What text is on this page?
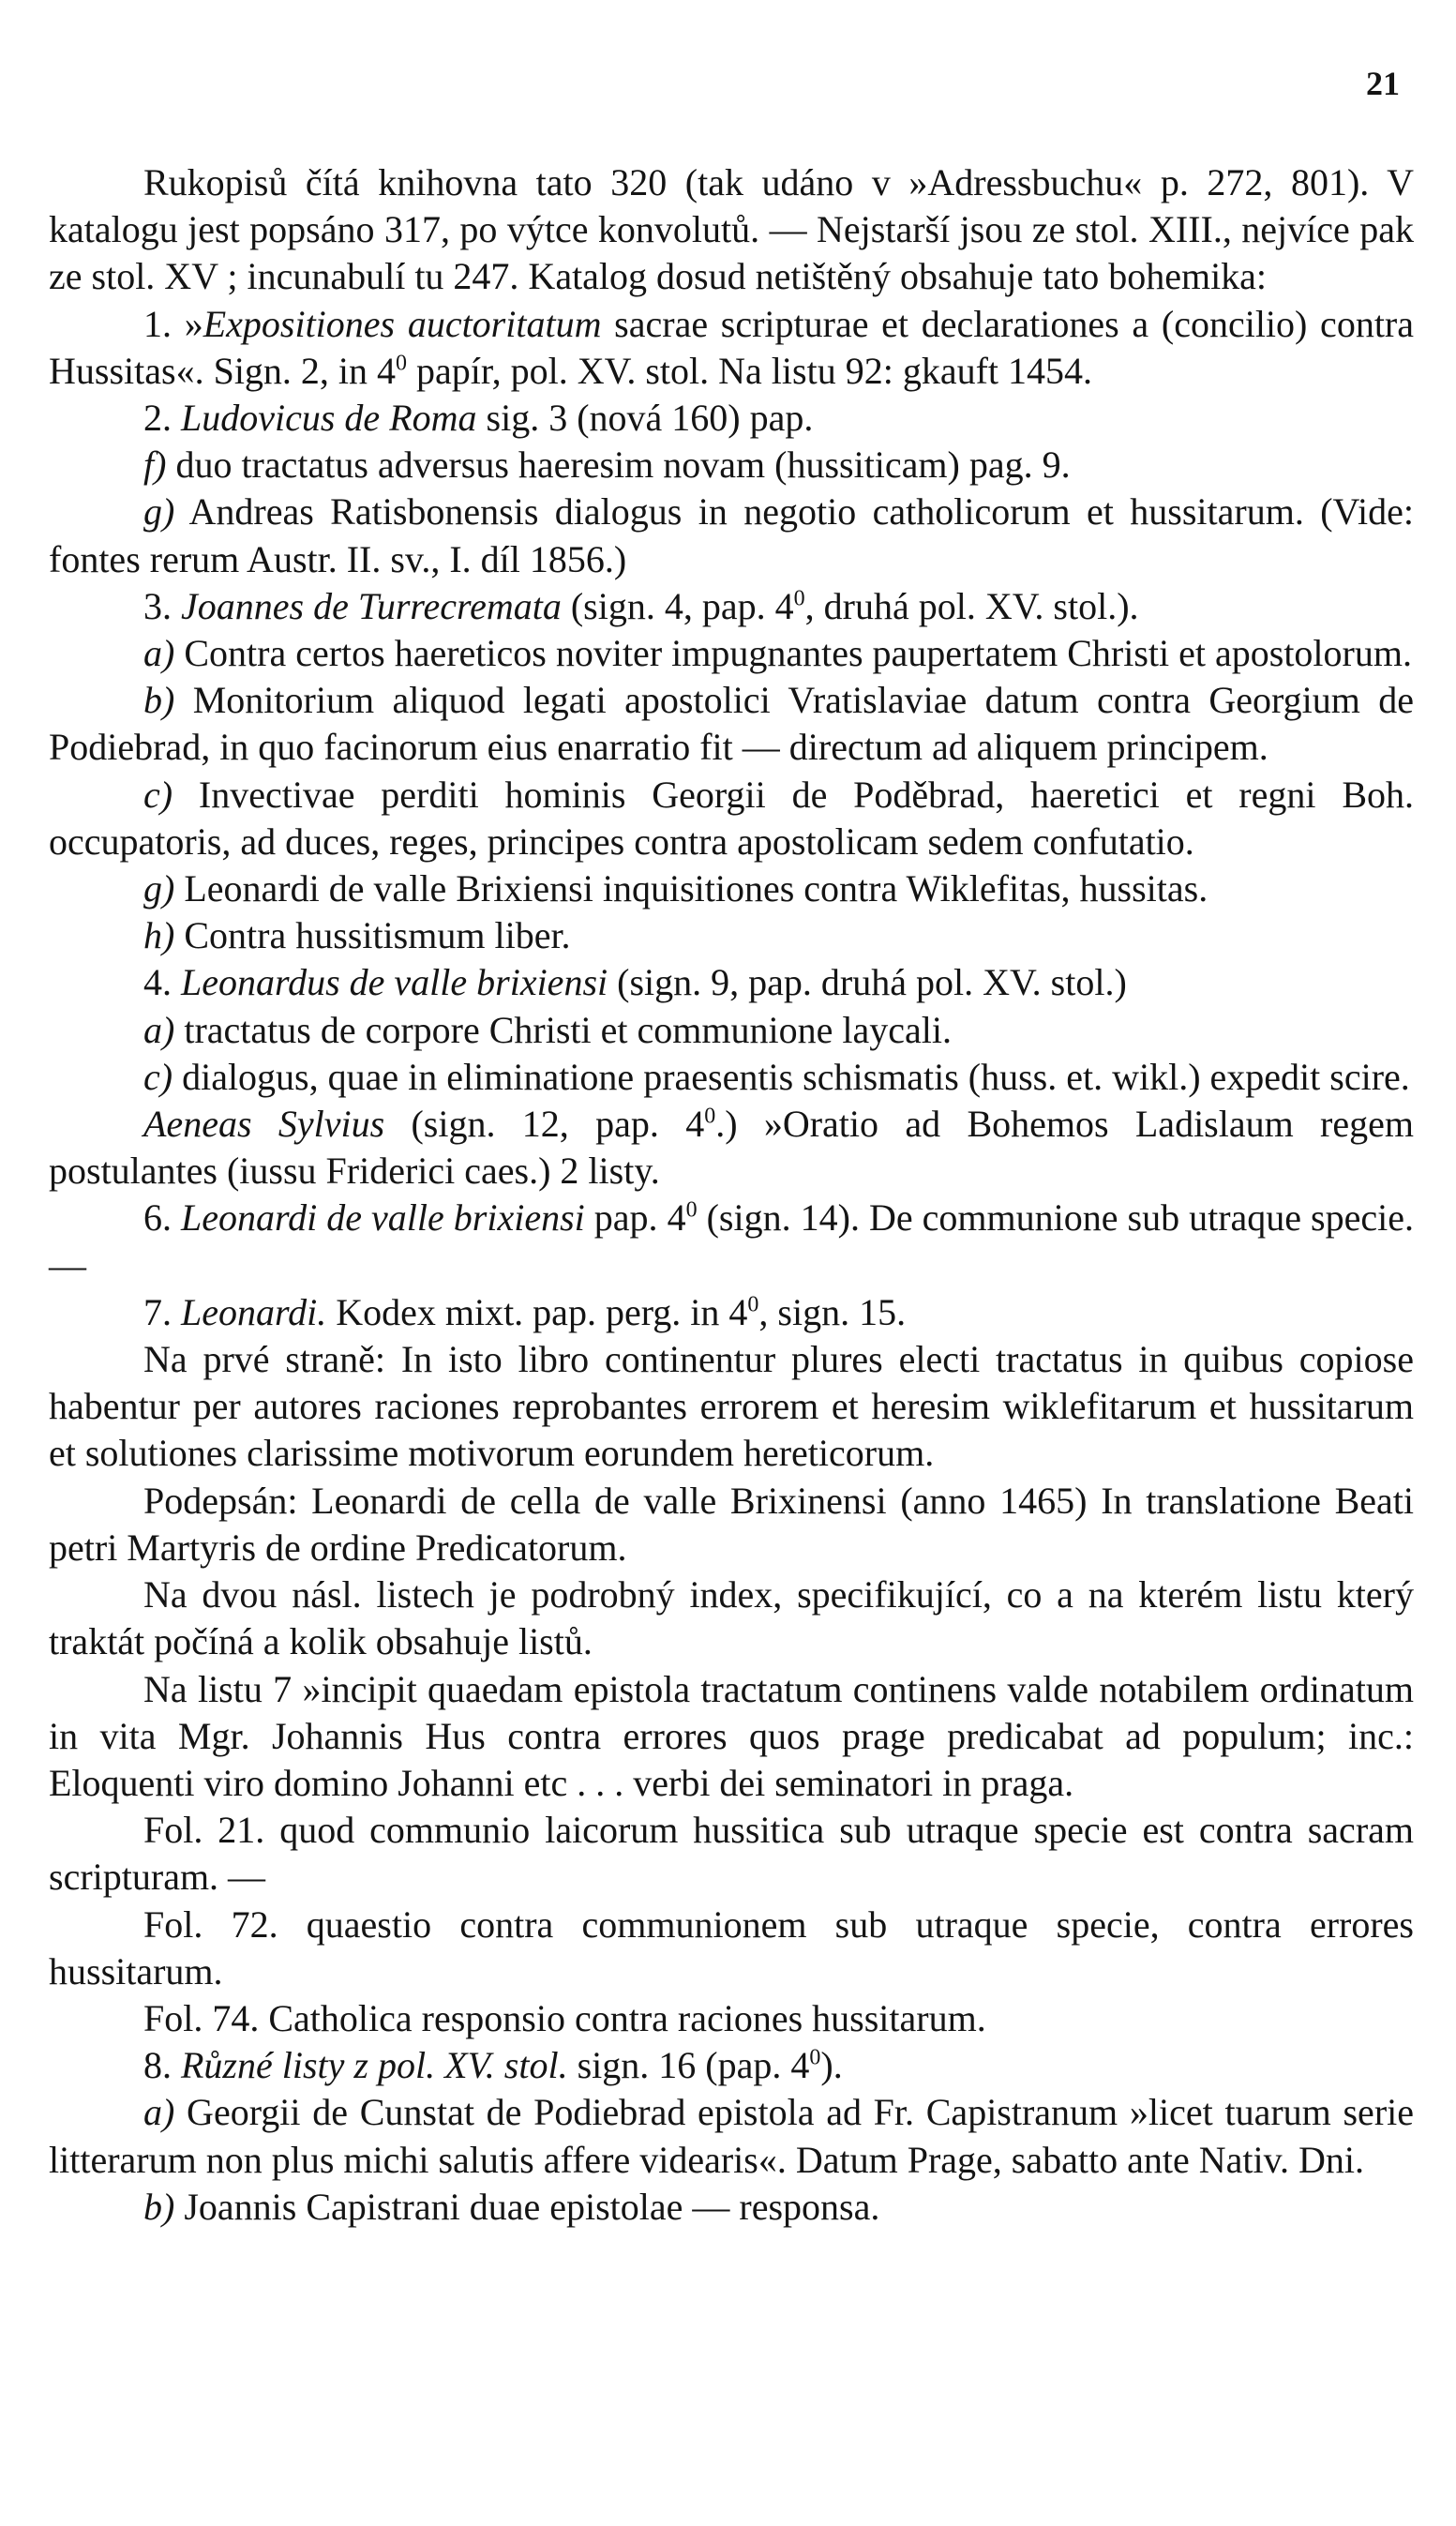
21

Rukopisů čítá knihovna tato 320 (tak udáno v »Adressbuchu« p. 272, 801). V katalogu jest popsáno 317, po výtce konvolutů. — Nejstarší jsou ze stol. XIII., nejvíce pak ze stol. XV ; incunabulí tu 247. Katalog dosud netištěný obsahuje tato bohemika:

1. »Expositiones auctoritatum sacrae scripturae et declarationes a (concilio) contra Hussitas«. Sign. 2, in $4^0$ papír, pol. XV. stol. Na listu 92: gkauft 1454.

2. Ludovicus de Roma sig. 3 (nová 160) pap.

f) duo tractatus adversus haeresim novam (hussiticam) pag. 9.

g) Andreas Ratisbonensis dialogus in negotio catholicorum et hussitarum. (Vide: fontes rerum Austr. II. sv., I. díl 1856.)

3. Joannes de Turrecremata (sign. 4, pap. $4^0$, druhá pol. XV. stol.).

a) Contra certos haereticos noviter impugnantes paupertatem Christi et apostolorum.

b) Monitorium aliquod legati apostolici Vratislaviae datum contra Georgium de Podiebrad, in quo facinorum eius enarratio fit — directum ad aliquem principem.

c) Invectivae perditi hominis Georgii de Poděbrad, haeretici et regni Boh. occupatoris, ad duces, reges, principes contra apostolicam sedem confutatio.

g) Leonardi de valle Brixiensi inquisitiones contra Wiklefitas, hussitas.

h) Contra hussitismum liber.

4. Leonardus de valle brixiensi (sign. 9, pap. druhá pol. XV. stol.)

a) tractatus de corpore Christi et communione laycali.

c) dialogus, quae in eliminatione praesentis schismatis (huss. et. wikl.) expedit scire.

Aeneas Sylvius (sign. 12, pap. $4^0$.) »Oratio ad Bohemos Ladislaum regem postulantes (iussu Friderici caes.) 2 listy.

6. Leonardi de valle brixiensi pap. $4^0$ (sign. 14). De communione sub utraque specie. —

7. Leonardi. Kodex mixt. pap. perg. in $4^0$, sign. 15.

Na prvé straně: In isto libro continentur plures electi tractatus in quibus copiose habentur per autores raciones reprobantes errorem et heresim wiklefitarum et hussitarum et solutiones clarissime motivorum eorundem hereticorum.

Podepsán: Leonardi de cella de valle Brixinensi (anno 1465) In translatione Beati petri Martyris de ordine Predicatorum.

Na dvou násl. listech je podrobný index, specifikující, co a na kterém listu který traktát počíná a kolik obsahuje listů.

Na listu 7 »incipit quaedam epistola tractatum continens valde notabilem ordinatum in vita Mgr. Johannis Hus contra errores quos prage predicabat ad populum; inc.: Eloquenti viro domino Johanni etc . . . verbi dei seminatori in praga.

Fol. 21. quod communio laicorum hussitica sub utraque specie est contra sacram scripturam. —

Fol. 72. quaestio contra communionem sub utraque specie, contra errores hussitarum.

Fol. 74. Catholica responsio contra raciones hussitarum.

8. Různé listy z pol. XV. stol. sign. 16 (pap. $4^0$).

a) Georgii de Cunstat de Podiebrad epistola ad Fr. Capistranum »licet tuarum serie litterarum non plus michi salutis affere videaris«. Datum Prage, sabatto ante Nativ. Dni.

b) Joannis Capistrani duae epistolae — responsa.
